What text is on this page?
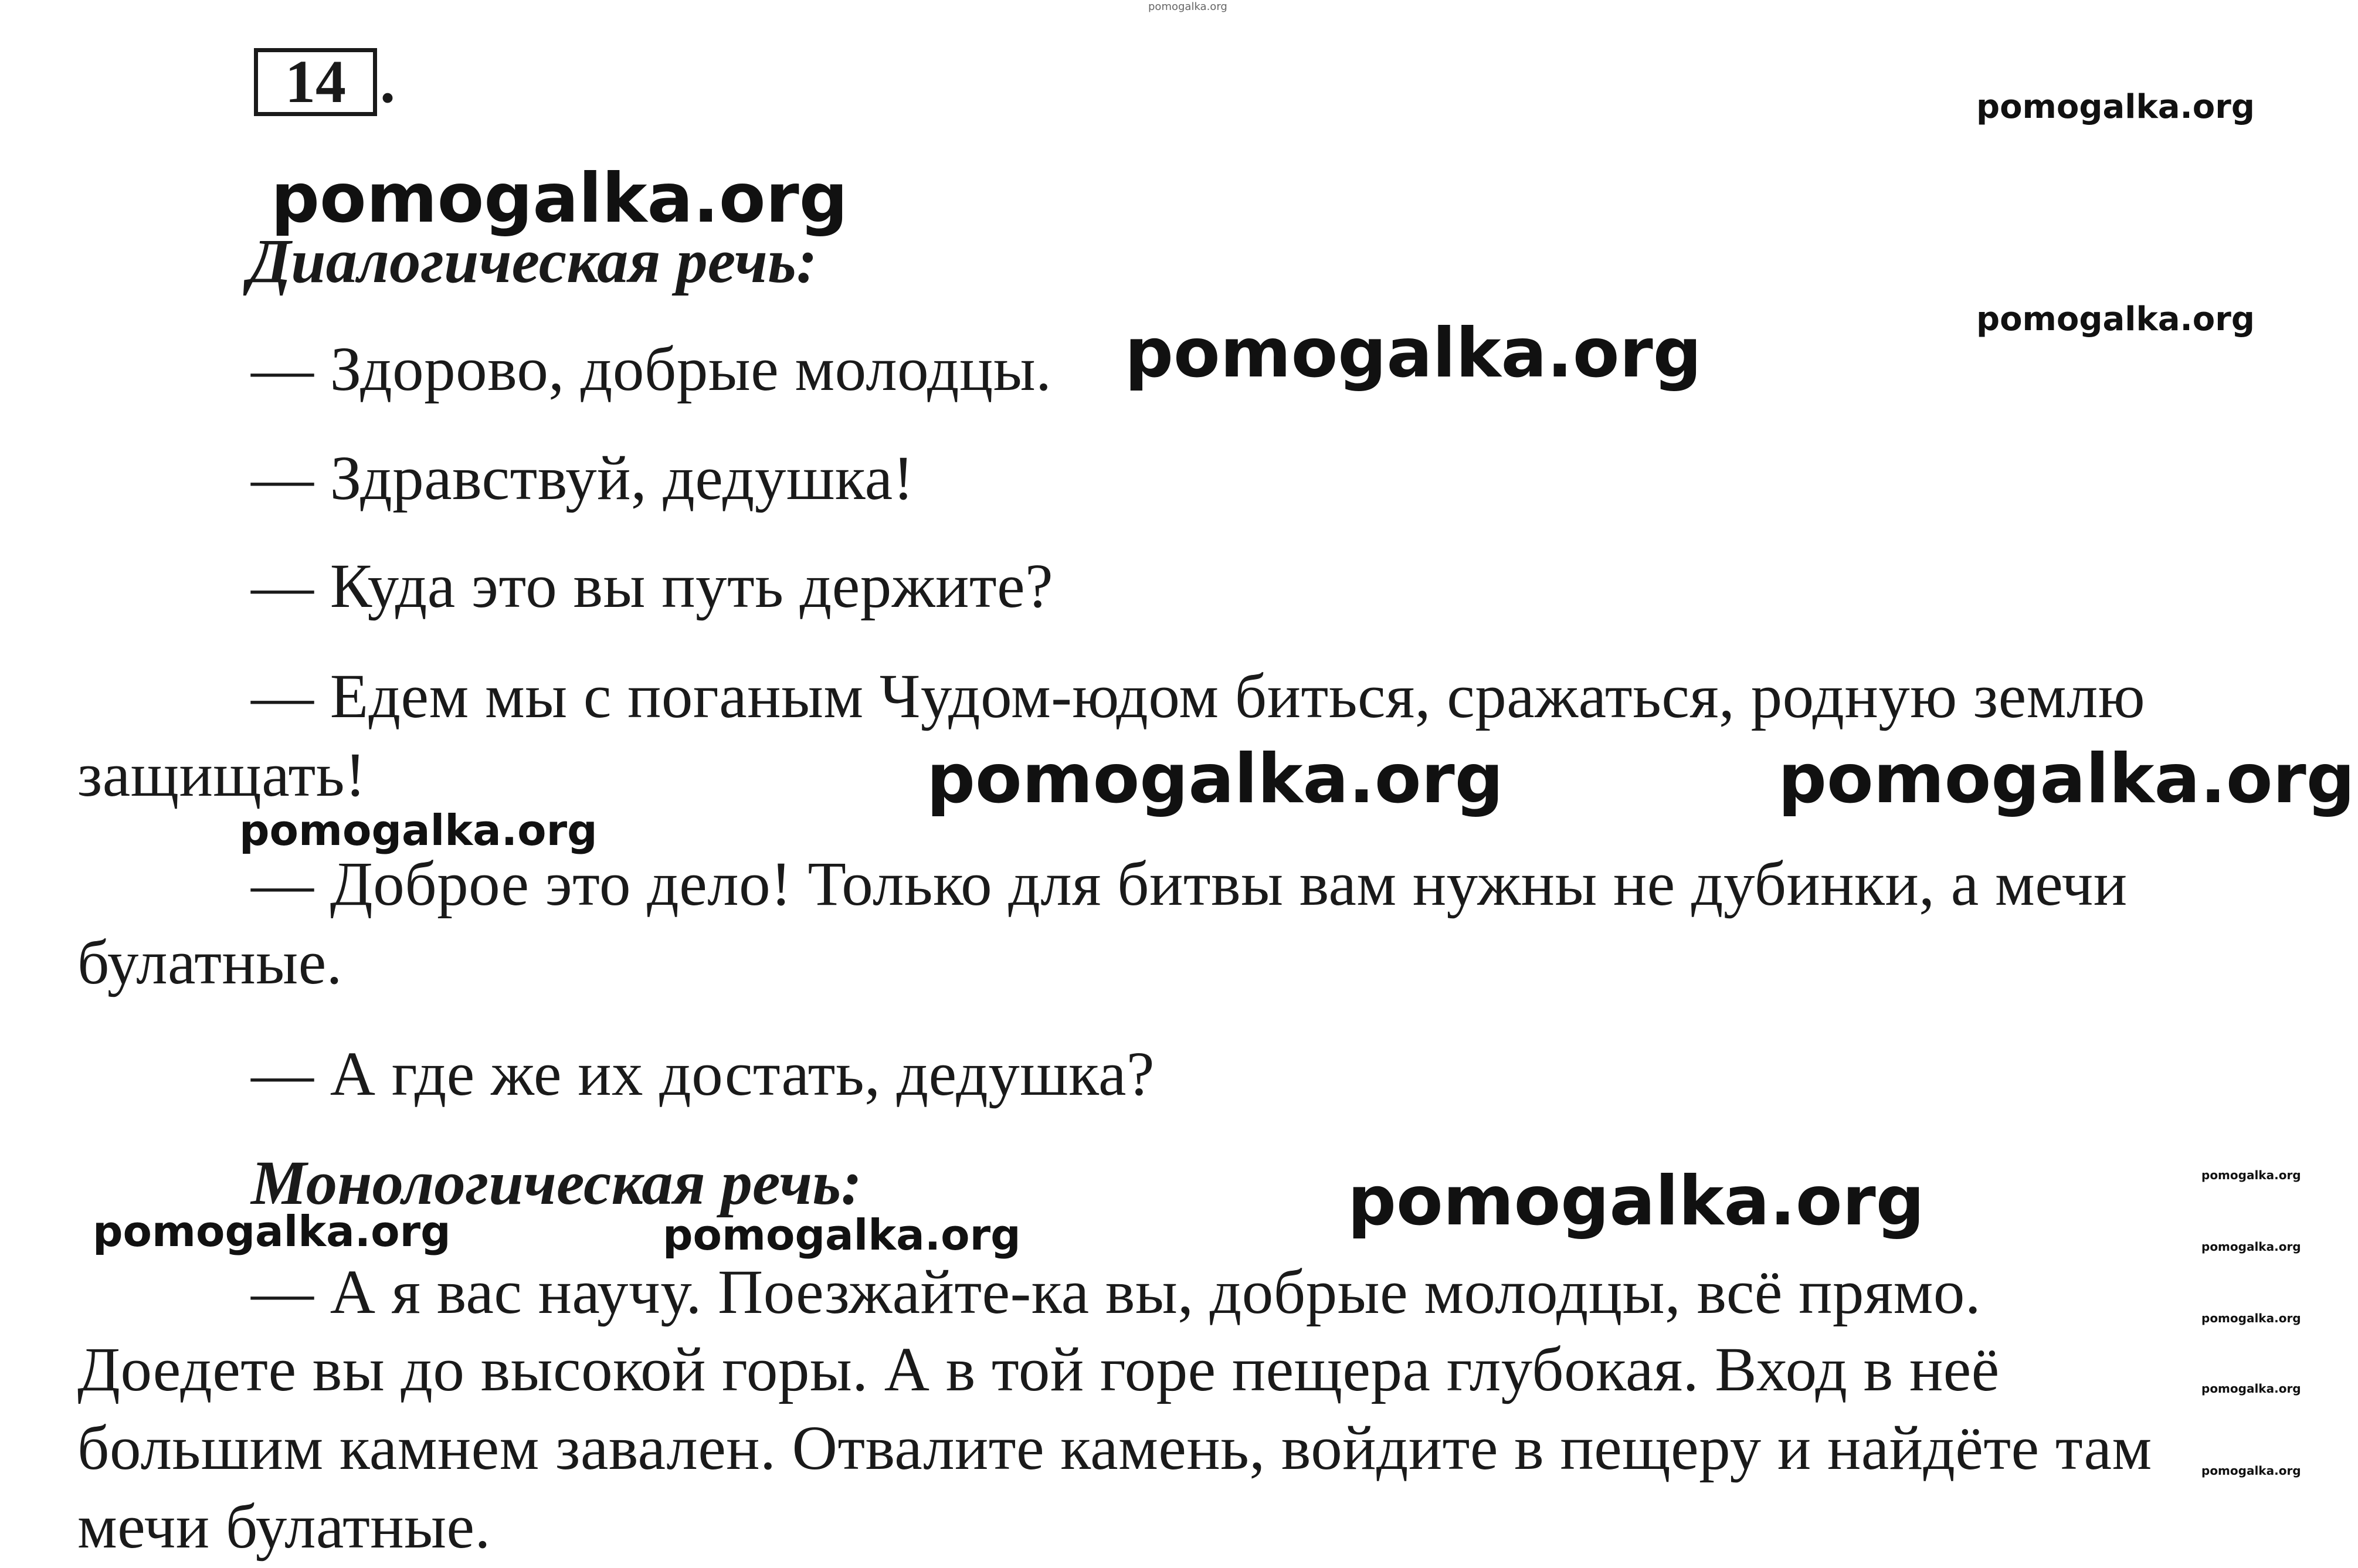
pomogalka.org
14 .	pomogalka.org
pomogalka.org
pomogalka.org
Диалогическая речь:
— Здорово, добрые молодцы. pomogalka.org
— Здравствуй, дедушка!
— Куда это вы путь держите?
— Едем мы с поганым Чудом-юдом биться, сражаться, родную землю
защищать!	pomogalka.org	pomogalka.org
pomogalka.org
— Доброе это дело! Только для битвы вам нужны не дубинки, а мечи
булатные.
— А где же их достать, дедушка?
Монологическая речь:	pomogalka.org
pomogalka.org	pomogalka.org
pomogalka.org
pomogalka.org
pomogalka.org
pomogalka.org
pomogalka.org
— А я вас научу. Поезжайте-ка вы, добрые молодцы, всё прямо.
Доедете вы до высокой горы. А в той горе пещера глубокая. Вход в неё
большим камнем завален. Отвалите камень, войдите в пещеру и найдёте там
мечи булатные.
